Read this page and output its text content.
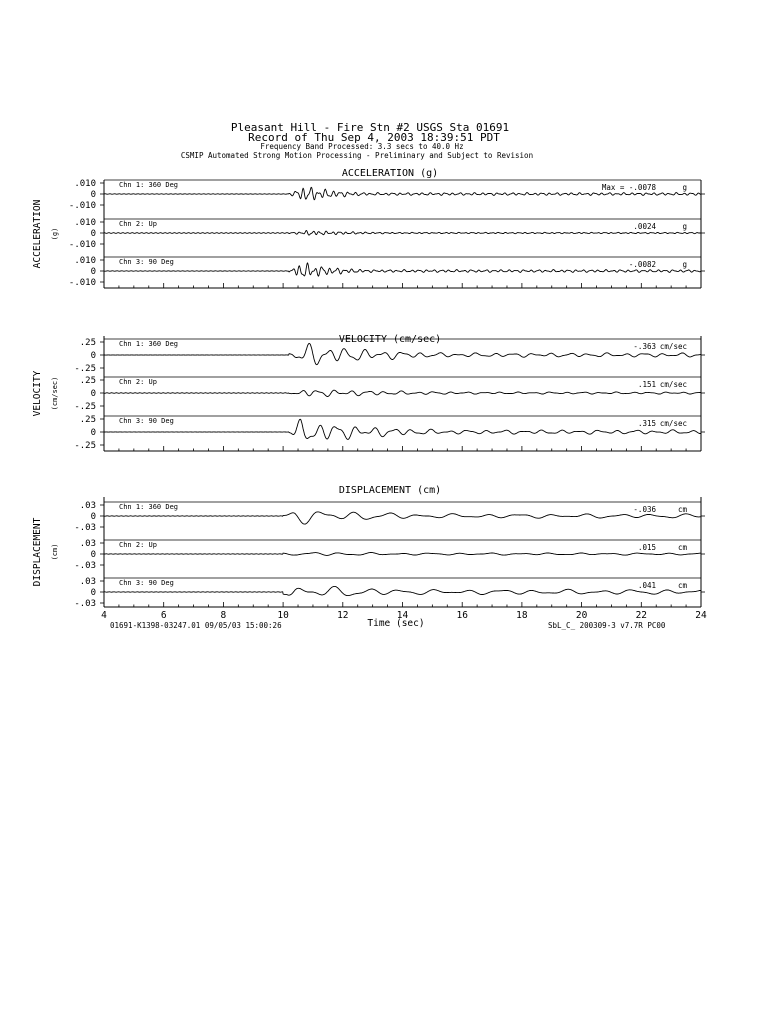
Pleasant Hill - Fire Stn #2 USGS Sta 01691
Record of Thu Sep 4, 2003 18:39:51 PDT
Frequency Band Processed: 3.3 secs to 40.0 Hz
CSMIP Automated Strong Motion Processing - Preliminary and Subject to Revision
ACCELERATION (g)
ACCELERATION (g)
.010
0
-.010
Chn 1: 360 Deg	Max = -.0078	g
.010
0
-.010
Chn 2: Up	.0024	g
.010
0
-.010
Chn 3: 90 Deg	-.0082	g
VELOCITY (cm/sec)
VELOCITY (cm/sec)
.25
0
-.25
Chn 1: 360 Deg	-.363 cm/sec
.25
0
-.25
Chn 2: Up	.151 cm/sec
.25
0
-.25
Chn 3: 90 Deg	.315 cm/sec
DISPLACEMENT (cm)
DISPLACEMENT (cm)
4	6	8	10	12	14	16	18	20	22	24
.03
0
-.03
Chn 1: 360 Deg	-.036	cm
.03
0
-.03
Chn 2: Up	.015	cm
.03
0
-.03
Chn 3: 90 Deg	.041	cm
01691-K1398-03247.01 09/05/03 15:00:26	SbL_C_ 200309-3 v7.7R PC00
Time (sec)
